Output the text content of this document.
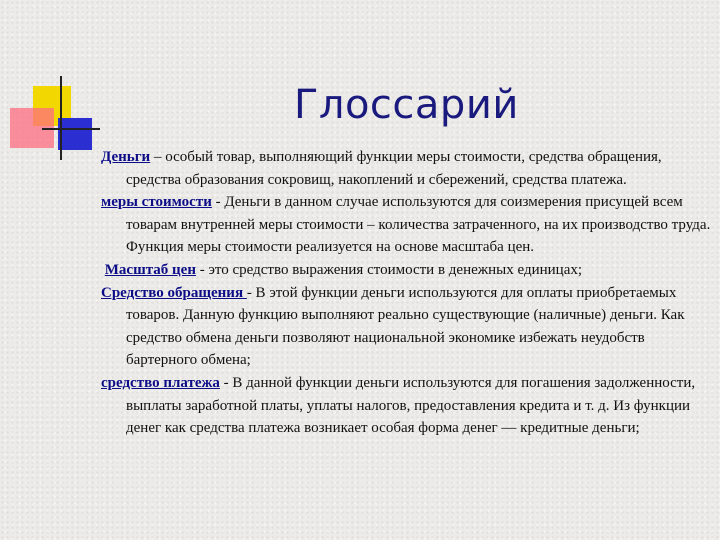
Глоссарий

Деньги – особый товар, выполняющий функции меры стоимости, средства обращения, средства образования сокровищ, накоплений и сбережений, средства платежа.

меры стоимости - Деньги в данном случае используются для соизмерения присущей всем товарам внутренней меры стоимости – количества затраченного, на их производство труда. Функция меры стоимости реализуется на основе масштаба цен.

Масштаб цен - это средство выражения стоимости в денежных единицах;

Средство обращения - В этой функции деньги используются для оплаты приобретаемых товаров. Данную функцию выполняют реально существующие (наличные) деньги. Как средство обмена деньги позволяют национальной экономике избежать неудобств бартерного обмена;

средство платежа - В данной функции деньги используются для погашения задолженности, выплаты заработной платы, уплаты налогов, предоставления кредита и т. д. Из функции денег как средства платежа возникает особая форма денег — кредитные деньги;
